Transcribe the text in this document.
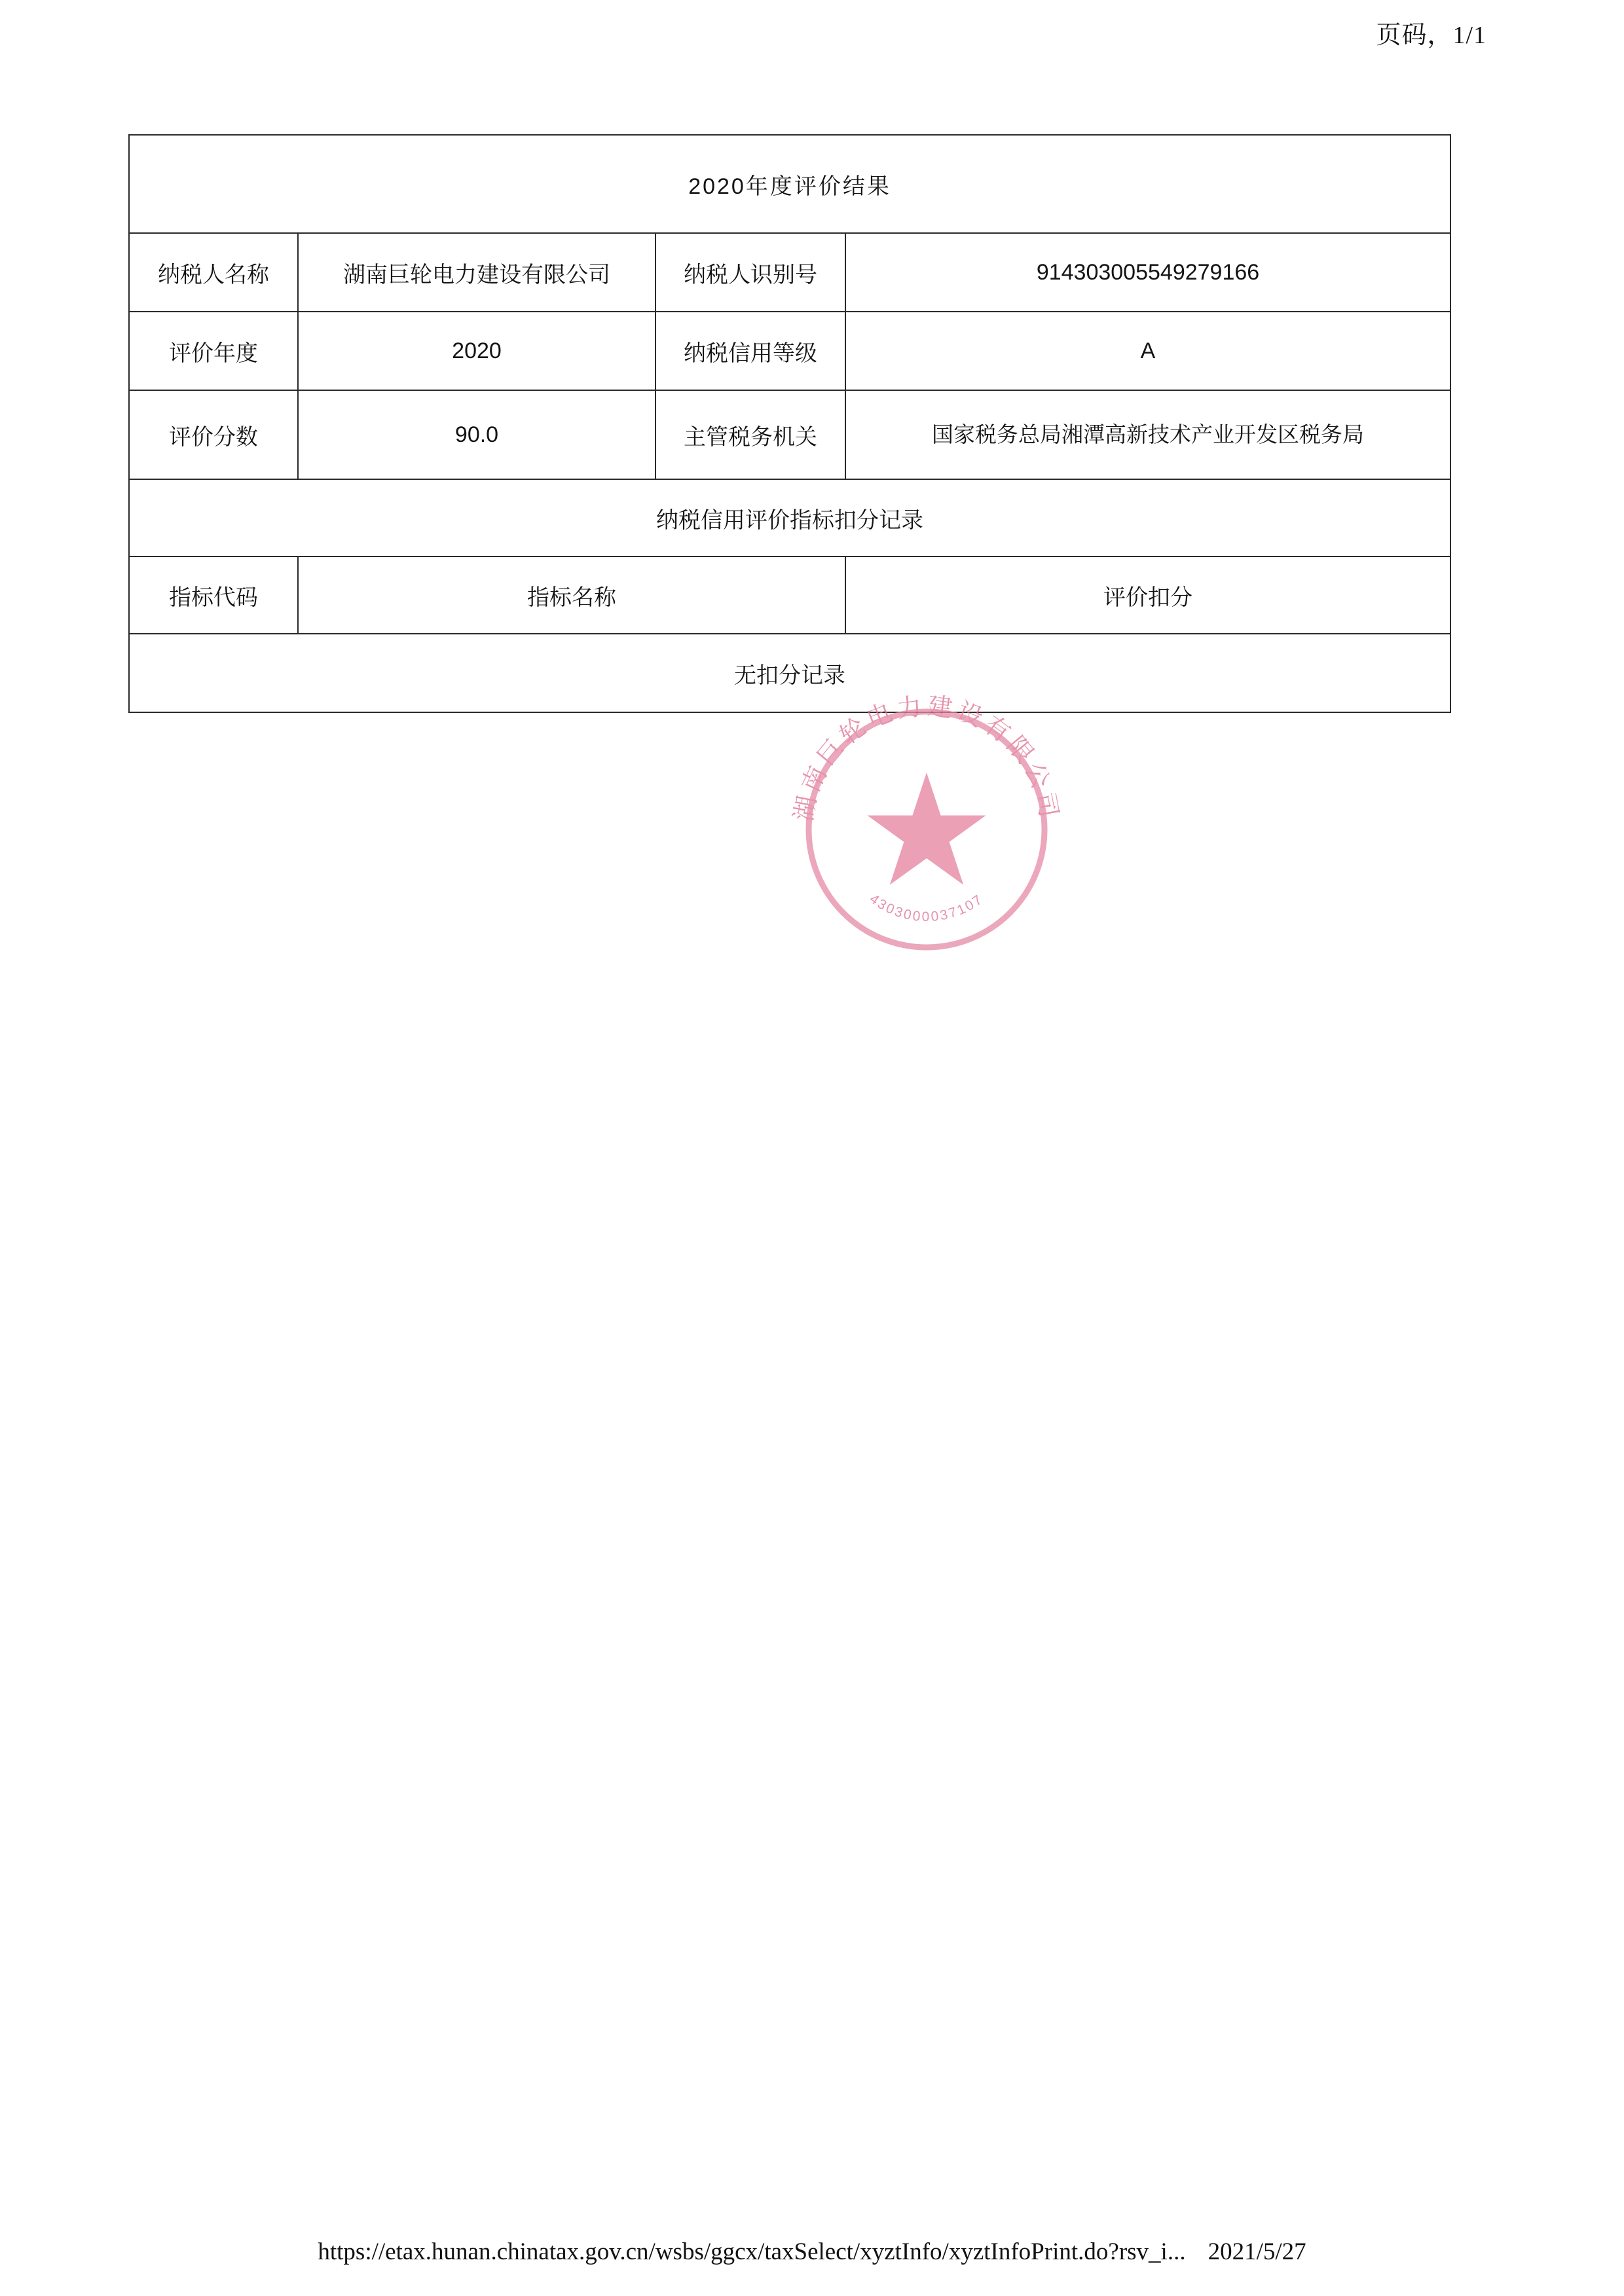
页码，1/1
2020年度评价结果			
纳税人名称	湖南巨轮电力建设有限公司	纳税人识别号	914303005549279166
评价年度	2020	纳税信用等级	A
评价分数	90.0	主管税务机关	国家税务总局湘潭高新技术产业开发区税务局
纳税信用评价指标扣分记录			
指标代码	指标名称		评价扣分
无扣分记录			
湖南巨轮电力建设有限公司
4303000037107
https://etax.hunan.chinatax.gov.cn/wsbs/ggcx/taxSelect/xyztInfo/xyztInfoPrint.do?rsv_i... 2021/5/27
